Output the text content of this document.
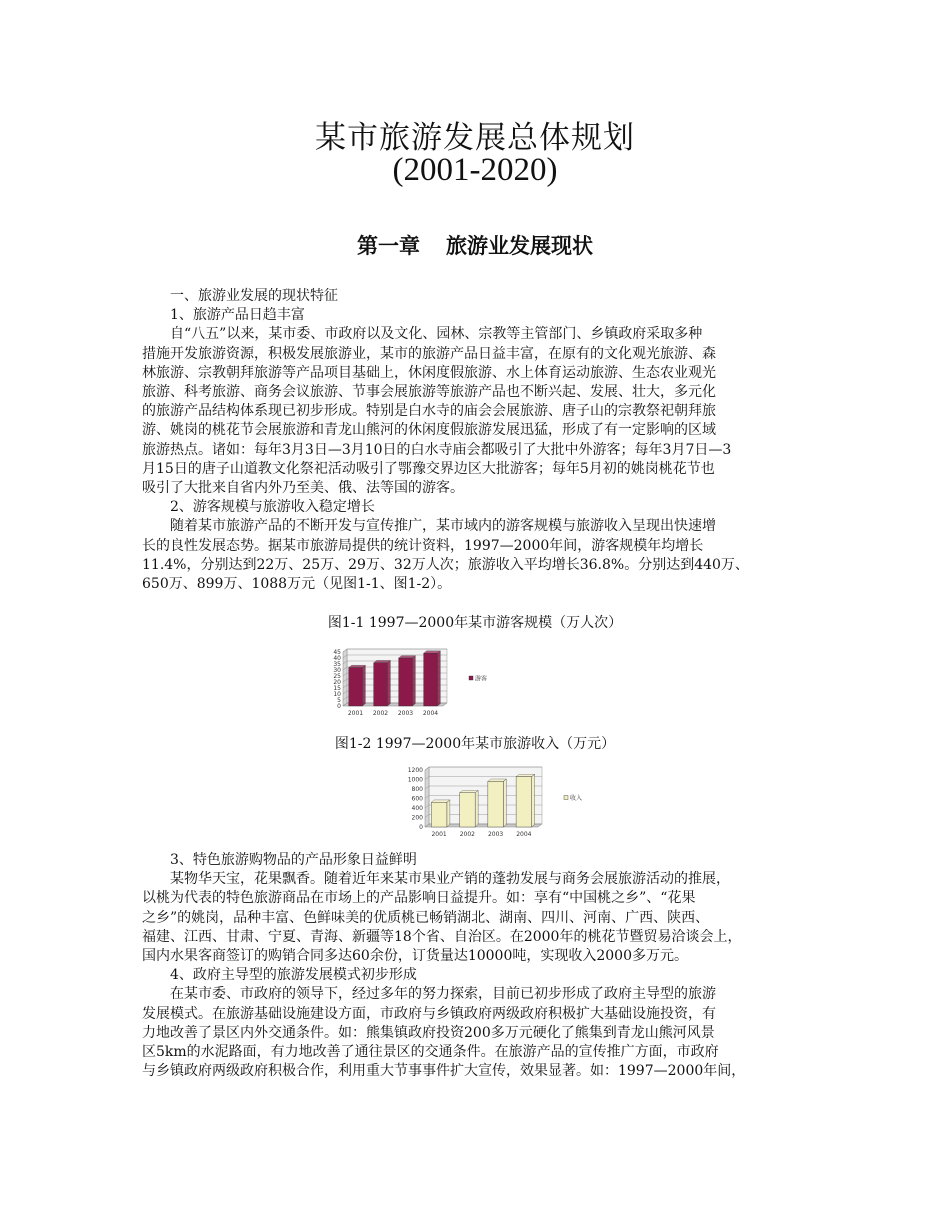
某市旅游发展总体规划
(2001-2020)
第一章 旅游业发展现状
　　一、旅游业发展的现状特征
　　1、旅游产品日趋丰富
　　自“八五”以来，某市委、市政府以及文化、园林、宗教等主管部门、乡镇政府采取多种
措施开发旅游资源，积极发展旅游业，某市的旅游产品日益丰富，在原有的文化观光旅游、森
林旅游、宗教朝拜旅游等产品项目基础上，休闲度假旅游、水上体育运动旅游、生态农业观光
旅游、科考旅游、商务会议旅游、节事会展旅游等旅游产品也不断兴起、发展、壮大，多元化
的旅游产品结构体系现已初步形成。特别是白水寺的庙会会展旅游、唐子山的宗教祭祀朝拜旅
游、姚岗的桃花节会展旅游和青龙山熊河的休闲度假旅游发展迅猛，形成了有一定影响的区域
旅游热点。诸如：每年3月3日—3月10日的白水寺庙会都吸引了大批中外游客；每年3月7日—3
月15日的唐子山道教文化祭祀活动吸引了鄂豫交界边区大批游客；每年5月初的姚岗桃花节也
吸引了大批来自省内外乃至美、俄、法等国的游客。
　　2、游客规模与旅游收入稳定增长
　　随着某市旅游产品的不断开发与宣传推广，某市域内的游客规模与旅游收入呈现出快速增
长的良性发展态势。据某市旅游局提供的统计资料，1997—2000年间，游客规模年均增长
11.4%，分别达到22万、25万、29万、32万人次；旅游收入平均增长36.8%。分别达到440万、
650万、899万、1088万元（见图1-1、图1-2）。
图1-1 1997—2000年某市游客规模（万人次）
0
5
10
15
20
25
30
35
40
45
2001 2002 2003 2004
游客
图1-2 1997—2000年某市旅游收入（万元）
0
200
400
600
800
1000
1200
2001 2002 2003 2004
收入
　　3、特色旅游购物品的产品形象日益鲜明
　　某物华天宝，花果飘香。随着近年来某市果业产销的蓬勃发展与商务会展旅游活动的推展，
以桃为代表的特色旅游商品在市场上的产品影响日益提升。如：享有“中国桃之乡”、“花果
之乡”的姚岗，品种丰富、色鲜味美的优质桃已畅销湖北、湖南、四川、河南、广西、陕西、
福建、江西、甘肃、宁夏、青海、新疆等18个省、自治区。在2000年的桃花节暨贸易洽谈会上，
国内水果客商签订的购销合同多达60余份，订货量达10000吨，实现收入2000多万元。
　　4、政府主导型的旅游发展模式初步形成
　　在某市委、市政府的领导下，经过多年的努力探索，目前已初步形成了政府主导型的旅游
发展模式。在旅游基础设施建设方面，市政府与乡镇政府两级政府积极扩大基础设施投资，有
力地改善了景区内外交通条件。如：熊集镇政府投资200多万元硬化了熊集到青龙山熊河风景
区5km的水泥路面，有力地改善了通往景区的交通条件。在旅游产品的宣传推广方面，市政府
与乡镇政府两级政府积极合作，利用重大节事事件扩大宣传，效果显著。如：1997—2000年间，
